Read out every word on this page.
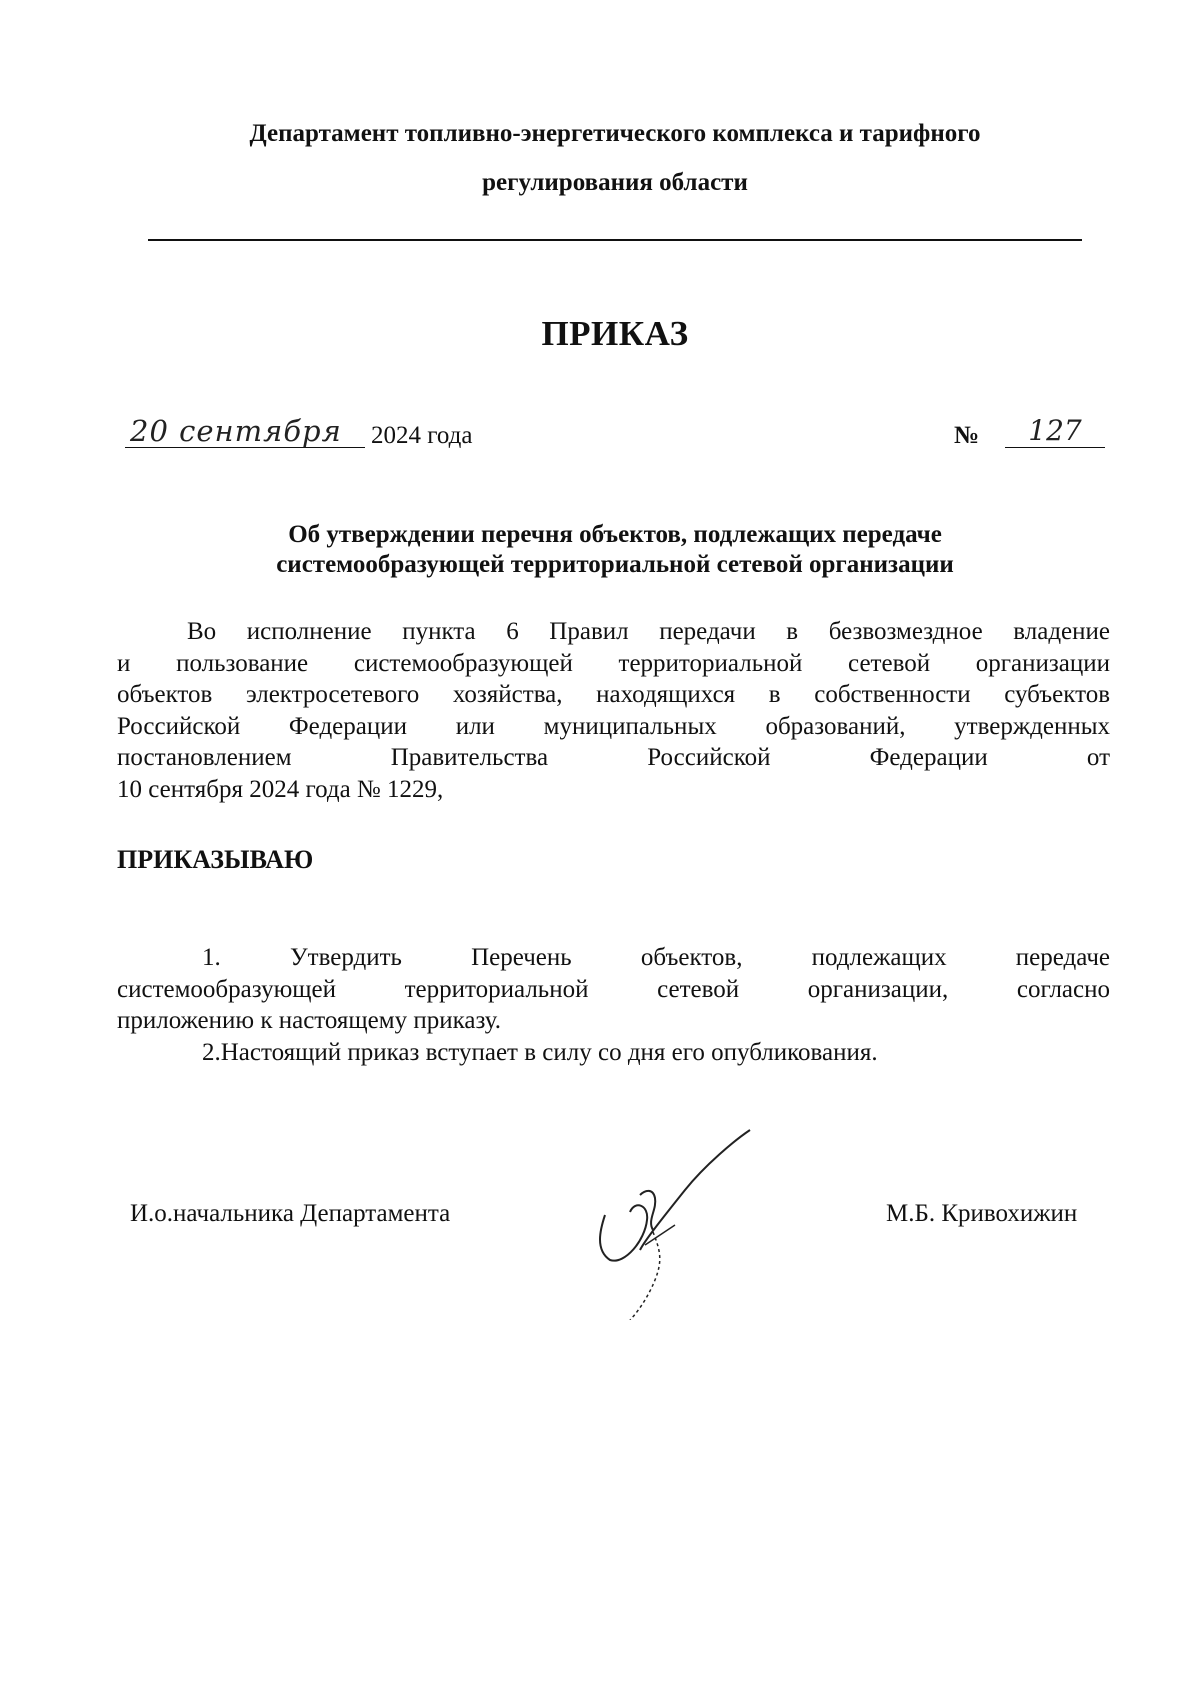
Департамент топливно-энергетического комплекса и тарифного
регулирования области
ПРИКАЗ
20 сентября	2024 года	№	127
Об утверждении перечня объектов, подлежащих передаче
системообразующей территориальной сетевой организации
Во исполнение пункта 6 Правил передачи в безвозмездное владение
и пользование системообразующей территориальной сетевой организации
объектов электросетевого хозяйства, находящихся в собственности субъектов
Российской Федерации или муниципальных образований, утвержденных
постановлением Правительства Российской Федерации от
10 сентября 2024 года № 1229,
ПРИКАЗЫВАЮ
1. Утвердить Перечень объектов, подлежащих передаче
системообразующей территориальной сетевой организации, согласно
приложению к настоящему приказу.
2.Настоящий приказ вступает в силу со дня его опубликования.
И.о.начальника Департамента	М.Б. Кривохижин
